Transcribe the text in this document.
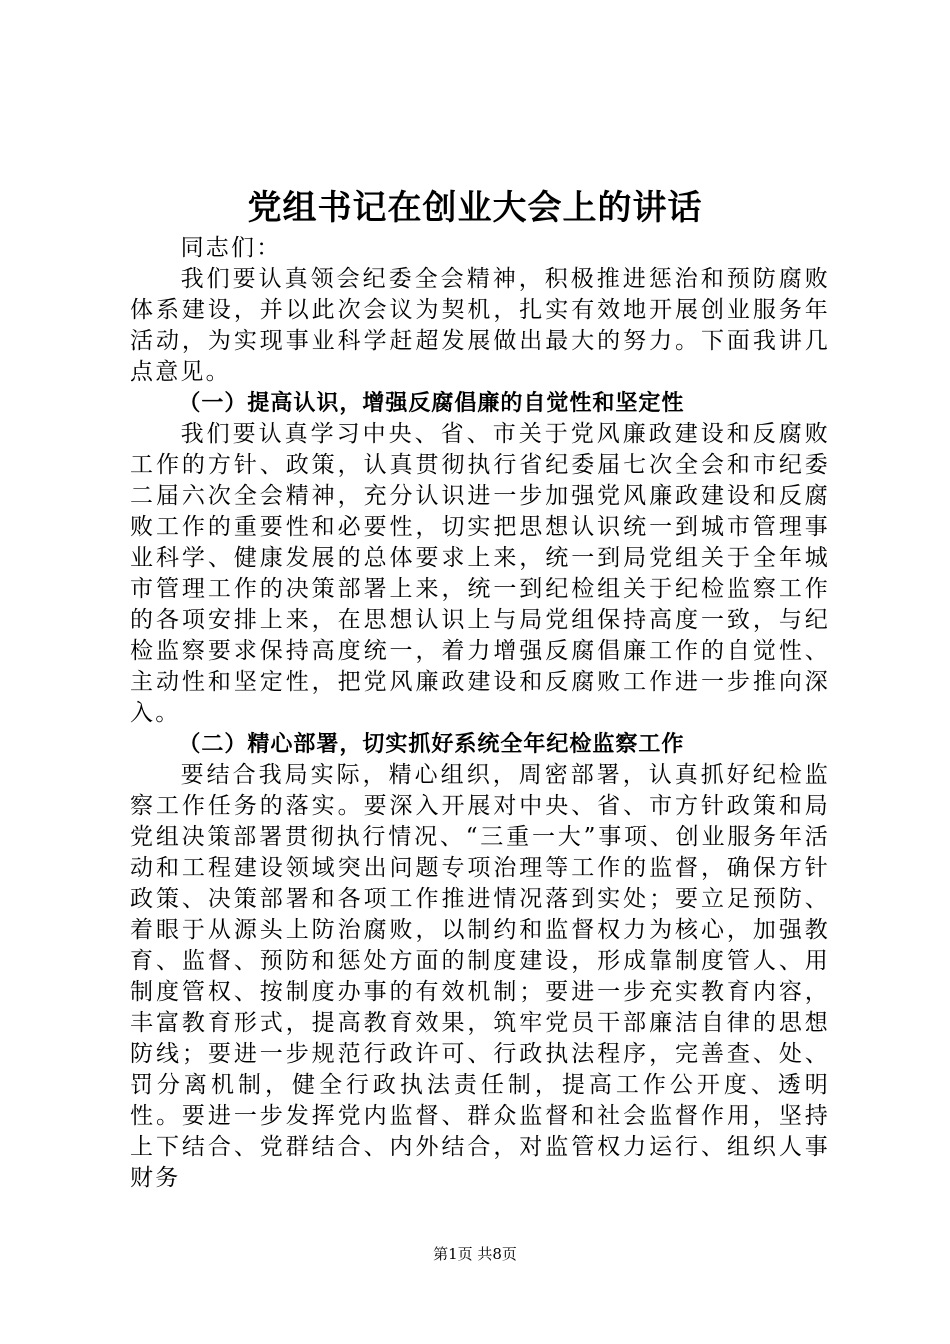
党组书记在创业大会上的讲话

同志们：

我们要认真领会纪委全会精神，积极推进惩治和预防腐败体系建设，并以此次会议为契机，扎实有效地开展创业服务年活动，为实现事业科学赶超发展做出最大的努力。下面我讲几点意见。

（一）提高认识，增强反腐倡廉的自觉性和坚定性

我们要认真学习中央、省、市关于党风廉政建设和反腐败工作的方针、政策，认真贯彻执行省纪委届七次全会和市纪委二届六次全会精神，充分认识进一步加强党风廉政建设和反腐败工作的重要性和必要性，切实把思想认识统一到城市管理事业科学、健康发展的总体要求上来，统一到局党组关于全年城市管理工作的决策部署上来，统一到纪检组关于纪检监察工作的各项安排上来，在思想认识上与局党组保持高度一致，与纪检监察要求保持高度统一，着力增强反腐倡廉工作的自觉性、主动性和坚定性，把党风廉政建设和反腐败工作进一步推向深入。

（二）精心部署，切实抓好系统全年纪检监察工作

要结合我局实际，精心组织，周密部署，认真抓好纪检监察工作任务的落实。要深入开展对中央、省、市方针政策和局党组决策部署贯彻执行情况、“三重一大”事项、创业服务年活动和工程建设领域突出问题专项治理等工作的监督，确保方针政策、决策部署和各项工作推进情况落到实处；要立足预防、着眼于从源头上防治腐败，以制约和监督权力为核心，加强教育、监督、预防和惩处方面的制度建设，形成靠制度管人、用制度管权、按制度办事的有效机制；要进一步充实教育内容，丰富教育形式，提高教育效果，筑牢党员干部廉洁自律的思想防线；要进一步规范行政许可、行政执法程序，完善查、处、罚分离机制，健全行政执法责任制，提高工作公开度、透明性。要进一步发挥党内监督、群众监督和社会监督作用，坚持上下结合、党群结合、内外结合，对监管权力运行、组织人事财务

第1页 共8页
